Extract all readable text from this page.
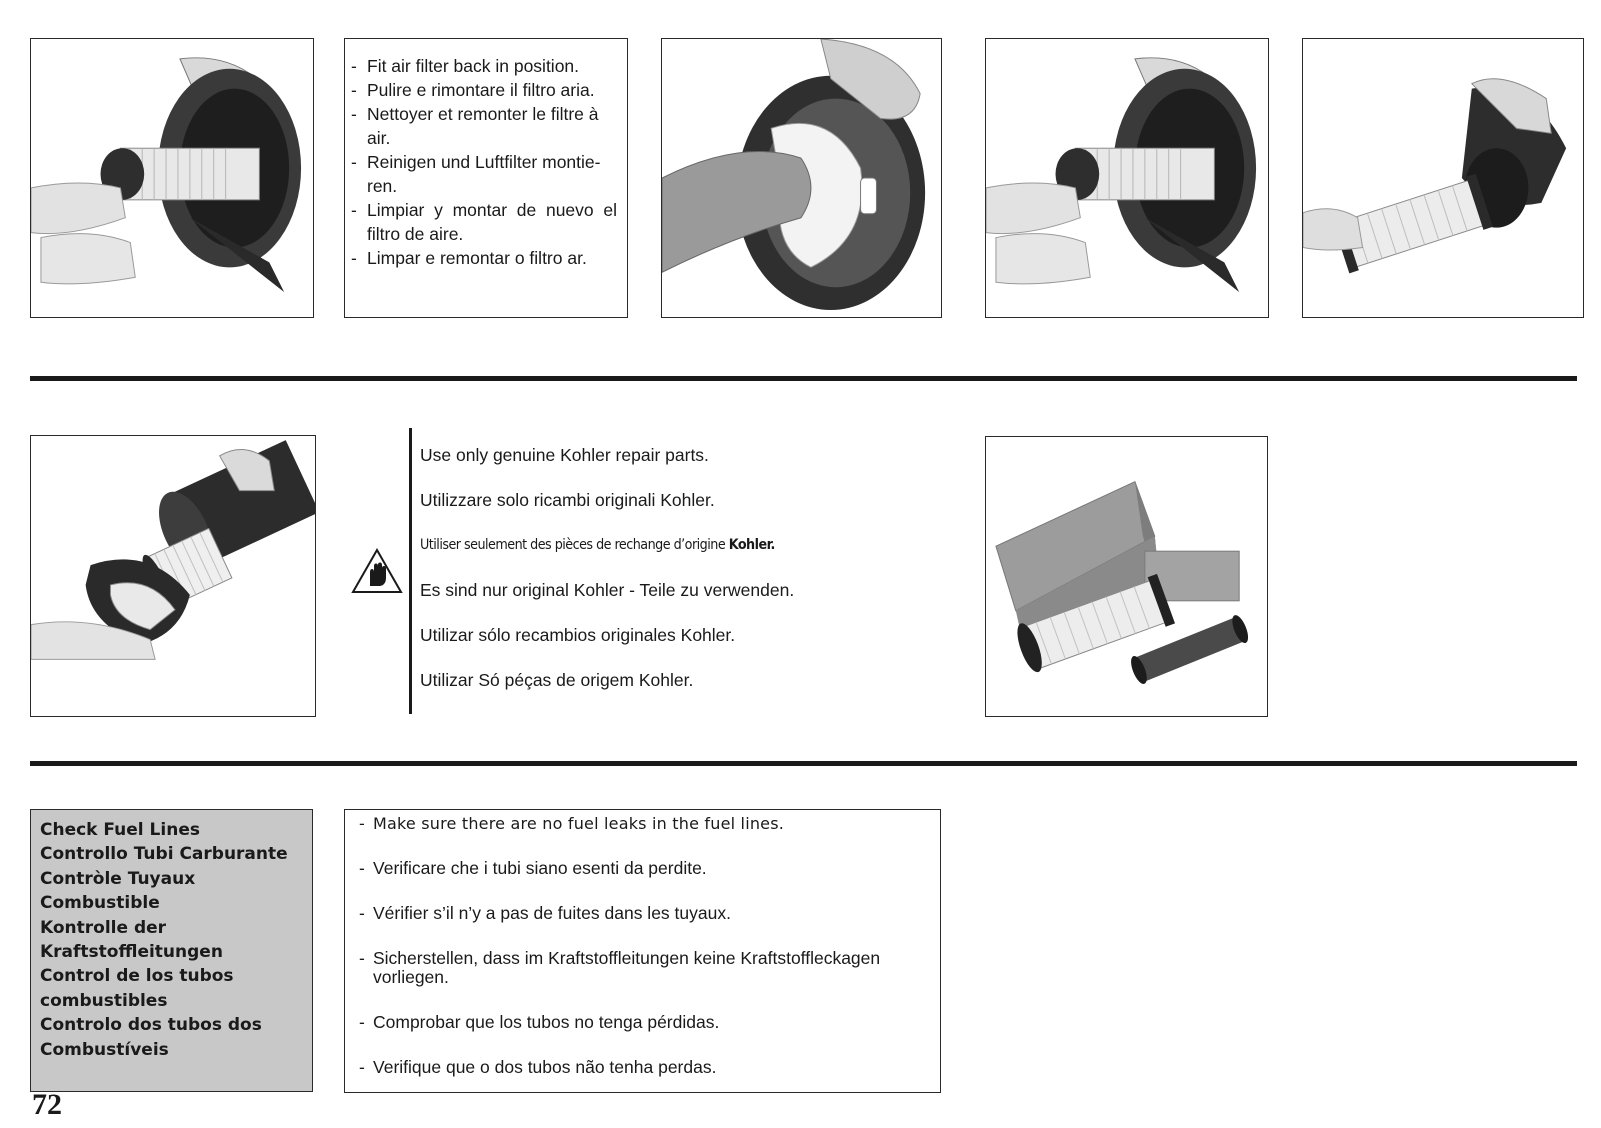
- Fit air filter back in position.
- Pulire e rimontare il filtro aria.
- Nettoyer et remonter le filtre à air.
- Reinigen und Luftfilter montie-ren.
- Limpiar y montar de nuevo el filtro de aire.
- Limpar e remontar o filtro ar.
Use only genuine Kohler repair parts.
Utilizzare solo ricambi originali Kohler.
Utiliser seulement des pièces de rechange d’origine Kohler.
Es sind nur original Kohler - Teile zu verwenden.
Utilizar sólo recambios originales Kohler.
Utilizar Só péças de origem Kohler.
Check Fuel Lines
Controllo Tubi Carburante
Contròle Tuyaux
Combustible
Kontrolle der
Kraftstoffleitungen
Control de los tubos
combustibles
Controlo dos tubos dos
Combustíveis
- Make sure there are no fuel leaks in the fuel lines.
- Verificare che i tubi siano esenti da perdite.
- Vérifier s’il n’y a pas de fuites dans les tuyaux.
- Sicherstellen, dass im Kraftstoffleitungen keine Kraftstoffleckagen vorliegen.
- Comprobar que los tubos no tenga pérdidas.
- Verifique que o dos tubos não tenha perdas.
72
